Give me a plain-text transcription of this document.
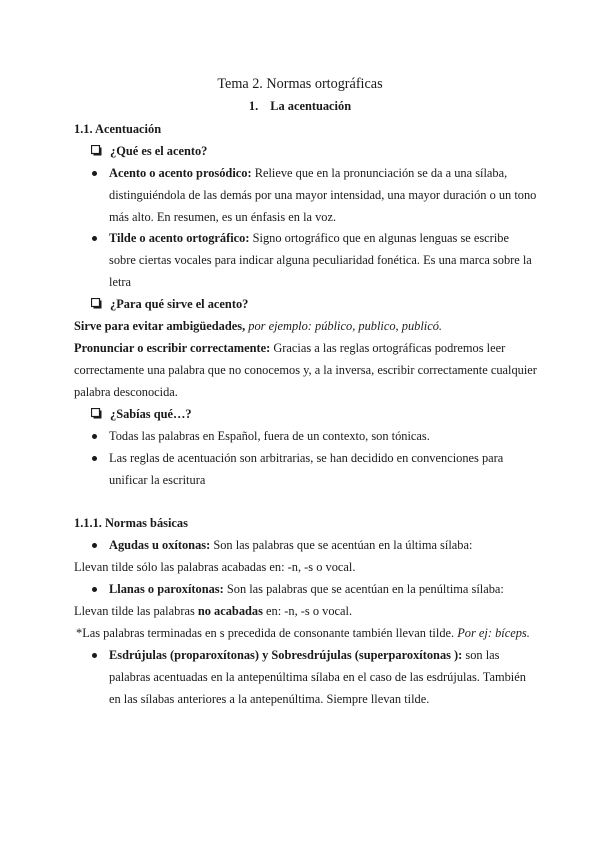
Tema 2. Normas ortográficas
1. La acentuación
1.1. Acentuación
¿Qué es el acento?
Acento o acento prosódico: Relieve que en la pronunciación se da a una sílaba,
distinguiéndola de las demás por una mayor intensidad, una mayor duración o un tono
más alto. En resumen, es un énfasis en la voz.
Tilde o acento ortográfico: Signo ortográfico que en algunas lenguas se escribe
sobre ciertas vocales para indicar alguna peculiaridad fonética. Es una marca sobre la
letra
¿Para qué sirve el acento?
Sirve para evitar ambigüedades, por ejemplo: público, publico, publicó.
Pronunciar o escribir correctamente: Gracias a las reglas ortográficas podremos leer
correctamente una palabra que no conocemos y, a la inversa, escribir correctamente cualquier
palabra desconocida.
¿Sabías qué…?
Todas las palabras en Español, fuera de un contexto, son tónicas.
Las reglas de acentuación son arbitrarias, se han decidido en convenciones para
unificar la escritura
1.1.1. Normas básicas
Agudas u oxítonas: Son las palabras que se acentúan en la última sílaba:
Llevan tilde sólo las palabras acabadas en: -n, -s o vocal.
Llanas o paroxítonas: Son las palabras que se acentúan en la penúltima sílaba:
Llevan tilde las palabras no acabadas en: -n, -s o vocal.
*Las palabras terminadas en s precedida de consonante también llevan tilde. Por ej: bíceps.
Esdrújulas (proparoxítonas) y Sobresdrújulas (superparoxítonas ): son las
palabras acentuadas en la antepenúltima sílaba en el caso de las esdrújulas. También
en las sílabas anteriores a la antepenúltima. Siempre llevan tilde.
